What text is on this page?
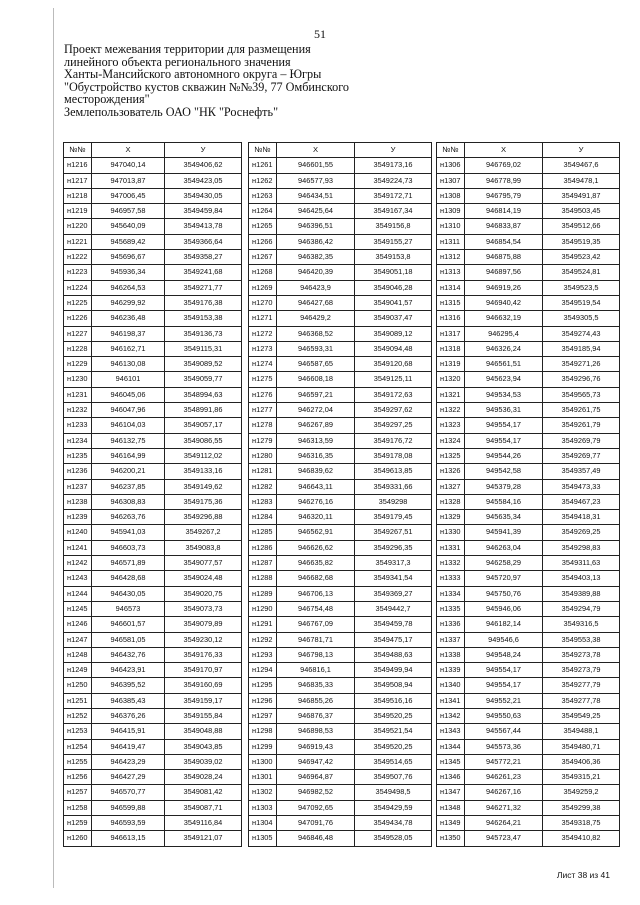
51
Проект межевания территории для размещения
линейного объекта регионального значения
Ханты-Мансийского автономного округа – Югры
"Обустройство кустов скважин №№39, 77 Омбинского
месторождения"
Землепользователь ОАО "НК "Роснефть"
№№	X	У
н1216	947040,14	3549406,62
н1217	947013,87	3549423,05
н1218	947006,45	3549430,05
н1219	946957,58	3549459,84
н1220	945640,09	3549413,78
н1221	945689,42	3549366,64
н1222	945696,67	3549358,27
н1223	945936,34	3549241,68
н1224	946264,53	3549271,77
н1225	946299,92	3549176,38
н1226	946236,48	3549153,38
н1227	946198,37	3549136,73
н1228	946162,71	3549115,31
н1229	946130,08	3549089,52
н1230	946101	3549059,77
н1231	946045,06	3548994,63
н1232	946047,96	3548991,86
н1233	946104,03	3549057,17
н1234	946132,75	3549086,55
н1235	946164,99	3549112,02
н1236	946200,21	3549133,16
н1237	946237,85	3549149,62
н1238	946308,83	3549175,36
н1239	946263,76	3549296,88
н1240	945941,03	3549267,2
н1241	946603,73	3549083,8
н1242	946571,89	3549077,57
н1243	946428,68	3549024,48
н1244	946430,05	3549020,75
н1245	946573	3549073,73
н1246	946601,57	3549079,89
н1247	946581,05	3549230,12
н1248	946432,76	3549176,33
н1249	946423,91	3549170,97
н1250	946395,52	3549160,69
н1251	946385,43	3549159,17
н1252	946376,26	3549155,84
н1253	946415,91	3549048,88
н1254	946419,47	3549043,85
н1255	946423,29	3549039,02
н1256	946427,29	3549028,24
н1257	946570,77	3549081,42
н1258	946599,88	3549087,71
н1259	946593,59	3549116,84
н1260	946613,15	3549121,07
№№	X	У
н1261	946601,55	3549173,16
н1262	946577,93	3549224,73
н1263	946434,51	3549172,71
н1264	946425,64	3549167,34
н1265	946396,51	3549156,8
н1266	946386,42	3549155,27
н1267	946382,35	3549153,8
н1268	946420,39	3549051,18
н1269	946423,9	3549046,28
н1270	946427,68	3549041,57
н1271	946429,2	3549037,47
н1272	946368,52	3549089,12
н1273	946593,31	3549094,48
н1274	946587,65	3549120,68
н1275	946608,18	3549125,11
н1276	946597,21	3549172,63
н1277	946272,04	3549297,62
н1278	946267,89	3549297,25
н1279	946313,59	3549176,72
н1280	946316,35	3549178,08
н1281	946839,62	3549613,85
н1282	946643,11	3549331,66
н1283	946276,16	3549298
н1284	946320,11	3549179,45
н1285	946562,91	3549267,51
н1286	946626,62	3549296,35
н1287	946635,82	3549317,3
н1288	946682,68	3549341,54
н1289	946706,13	3549369,27
н1290	946754,48	3549442,7
н1291	946767,09	3549459,78
н1292	946781,71	3549475,17
н1293	946798,13	3549488,63
н1294	946816,1	3549499,94
н1295	946835,33	3549508,94
н1296	946855,26	3549516,16
н1297	946876,37	3549520,25
н1298	946898,53	3549521,54
н1299	946919,43	3549520,25
н1300	946947,42	3549514,65
н1301	946964,87	3549507,76
н1302	946982,52	3549498,5
н1303	947092,65	3549429,59
н1304	947091,76	3549434,78
н1305	946846,48	3549528,05
№№	X	У
н1306	946769,02	3549467,6
н1307	946778,99	3549478,1
н1308	946795,79	3549491,87
н1309	946814,19	3549503,45
н1310	946833,87	3549512,66
н1311	946854,54	3549519,35
н1312	946875,88	3549523,42
н1313	946897,56	3549524,81
н1314	946919,26	3549523,5
н1315	946940,42	3549519,54
н1316	946632,19	3549305,5
н1317	946295,4	3549274,43
н1318	946326,24	3549185,94
н1319	946561,51	3549271,26
н1320	945623,94	3549296,76
н1321	949534,53	3549565,73
н1322	949536,31	3549261,75
н1323	949554,17	3549261,79
н1324	949554,17	3549269,79
н1325	949544,26	3549269,77
н1326	949542,58	3549357,49
н1327	945379,28	3549473,33
н1328	945584,16	3549467,23
н1329	945635,34	3549418,31
н1330	945941,39	3549269,25
н1331	946263,04	3549298,83
н1332	946258,29	3549311,63
н1333	945720,97	3549403,13
н1334	945750,76	3549389,88
н1335	945946,06	3549294,79
н1336	946182,14	3549316,5
н1337	949546,6	3549553,38
н1338	949548,24	3549273,78
н1339	949554,17	3549273,79
н1340	949554,17	3549277,79
н1341	949552,21	3549277,78
н1342	949550,63	3549549,25
н1343	945567,44	3549488,1
н1344	945573,36	3549480,71
н1345	945772,21	3549406,36
н1346	946261,23	3549315,21
н1347	946267,16	3549259,2
н1348	946271,32	3549299,38
н1349	946264,21	3549318,75
н1350	945723,47	3549410,82
Лист 38 из 41
